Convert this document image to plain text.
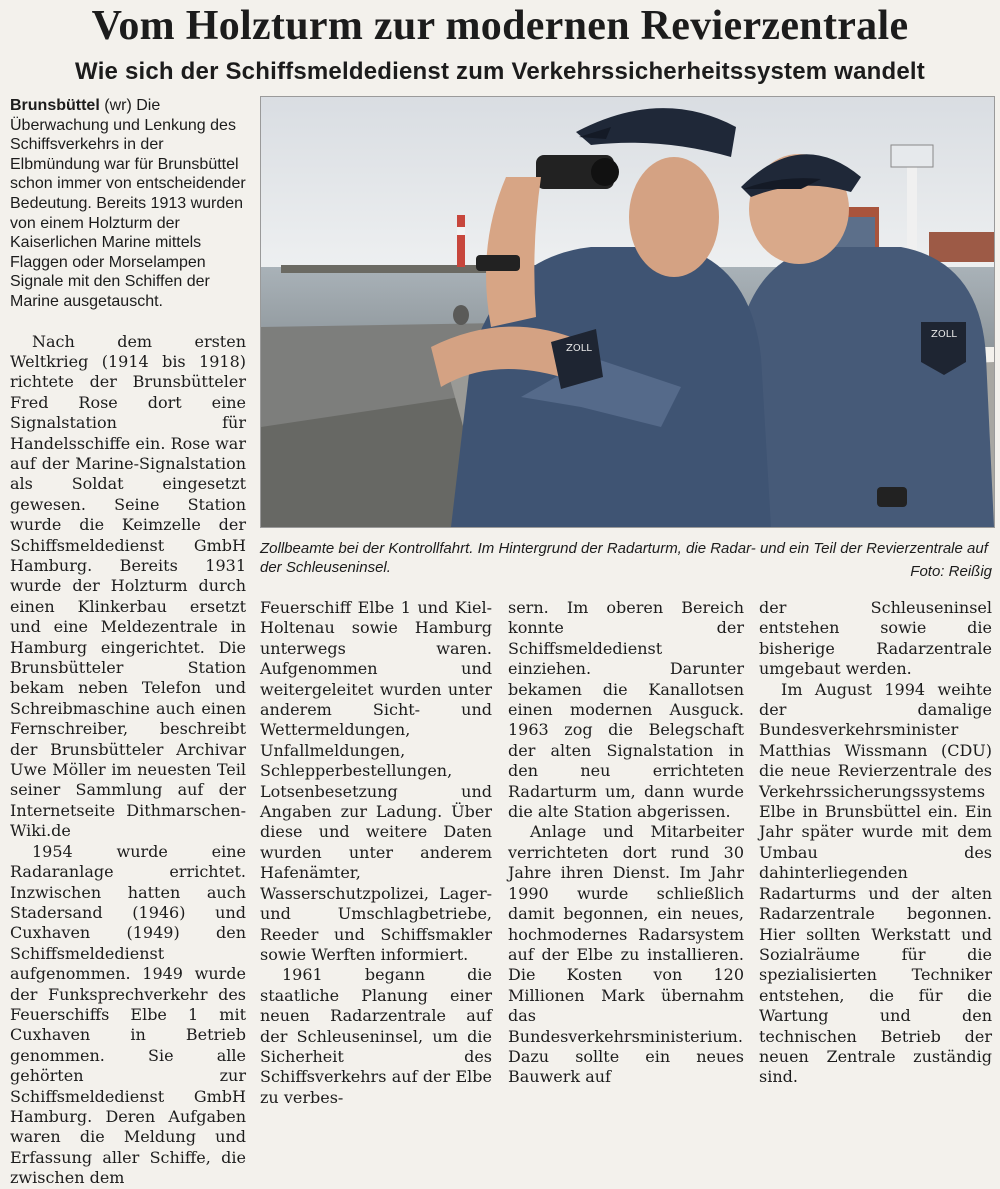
Vom Holzturm zur modernen Revierzentrale
Wie sich der Schiffsmeldedienst zum Verkehrssicherheitssystem wandelt

Brunsbüttel (wr) Die Überwachung und Lenkung des Schiffsverkehrs in der Elbmündung war für Brunsbüttel schon immer von entscheidender Bedeutung. Bereits 1913 wurden von einem Holzturm der Kaiserlichen Marine mittels Flaggen oder Morselampen Signale mit den Schiffen der Marine ausgetauscht.

Nach dem ersten Weltkrieg (1914 bis 1918) richtete der Brunsbütteler Fred Rose dort eine Signalstation für Handelsschiffe ein. Rose war auf der Marine-Signalstation als Soldat eingesetzt gewesen. Seine Station wurde die Keimzelle der Schiffsmeldedienst GmbH Hamburg. Bereits 1931 wurde der Holzturm durch einen Klinkerbau ersetzt und eine Meldezentrale in Hamburg eingerichtet. Die Brunsbütteler Station bekam neben Telefon und Schreibmaschine auch einen Fernschreiber, beschreibt der Brunsbütteler Archivar Uwe Möller im neuesten Teil seiner Sammlung auf der Internetseite Dithmarschen-Wiki.de

1954 wurde eine Radaranlage errichtet. Inzwischen hatten auch Stadersand (1946) und Cuxhaven (1949) den Schiffsmeldedienst aufgenommen. 1949 wurde der Funksprechverkehr des Feuerschiffs Elbe 1 mit Cuxhaven in Betrieb genommen. Sie alle gehörten zur Schiffsmeldedienst GmbH Hamburg. Deren Aufgaben waren die Meldung und Erfassung aller Schiffe, die zwischen dem

ZOLL
ZOLL
Zollbeamte bei der Kontrollfahrt. Im Hintergrund der Radarturm, die Radar- und ein Teil der Revierzentrale auf der Schleuseninsel.	Foto: Reißig

Feuerschiff Elbe 1 und Kiel-Holtenau sowie Hamburg unterwegs waren. Aufgenommen und weitergeleitet wurden unter anderem Sicht- und Wettermeldungen, Unfallmeldungen, Schlepperbestellungen, Lotsenbesetzung und Angaben zur Ladung. Über diese und weitere Daten wurden unter anderem Hafenämter, Wasserschutzpolizei, Lager- und Umschlagbetriebe, Reeder und Schiffsmakler sowie Werften informiert.

1961 begann die staatliche Planung einer neuen Radarzentrale auf der Schleuseninsel, um die Sicherheit des Schiffsverkehrs auf der Elbe zu verbes-

sern. Im oberen Bereich konnte der Schiffsmeldedienst einziehen. Darunter bekamen die Kanallotsen einen modernen Ausguck. 1963 zog die Belegschaft der alten Signalstation in den neu errichteten Radarturm um, dann wurde die alte Station abgerissen.

Anlage und Mitarbeiter verrichteten dort rund 30 Jahre ihren Dienst. Im Jahr 1990 wurde schließlich damit begonnen, ein neues, hochmodernes Radarsystem auf der Elbe zu installieren. Die Kosten von 120 Millionen Mark übernahm das Bundesverkehrsministerium. Dazu sollte ein neues Bauwerk auf

der Schleuseninsel entstehen sowie die bisherige Radarzentrale umgebaut werden.

Im August 1994 weihte der damalige Bundesverkehrsminister Matthias Wissmann (CDU) die neue Revierzentrale des Verkehrssicherungssystems Elbe in Brunsbüttel ein. Ein Jahr später wurde mit dem Umbau des dahinterliegenden Radarturms und der alten Radarzentrale begonnen. Hier sollten Werkstatt und Sozialräume für die spezialisierten Techniker entstehen, die für die Wartung und den technischen Betrieb der neuen Zentrale zuständig sind.
